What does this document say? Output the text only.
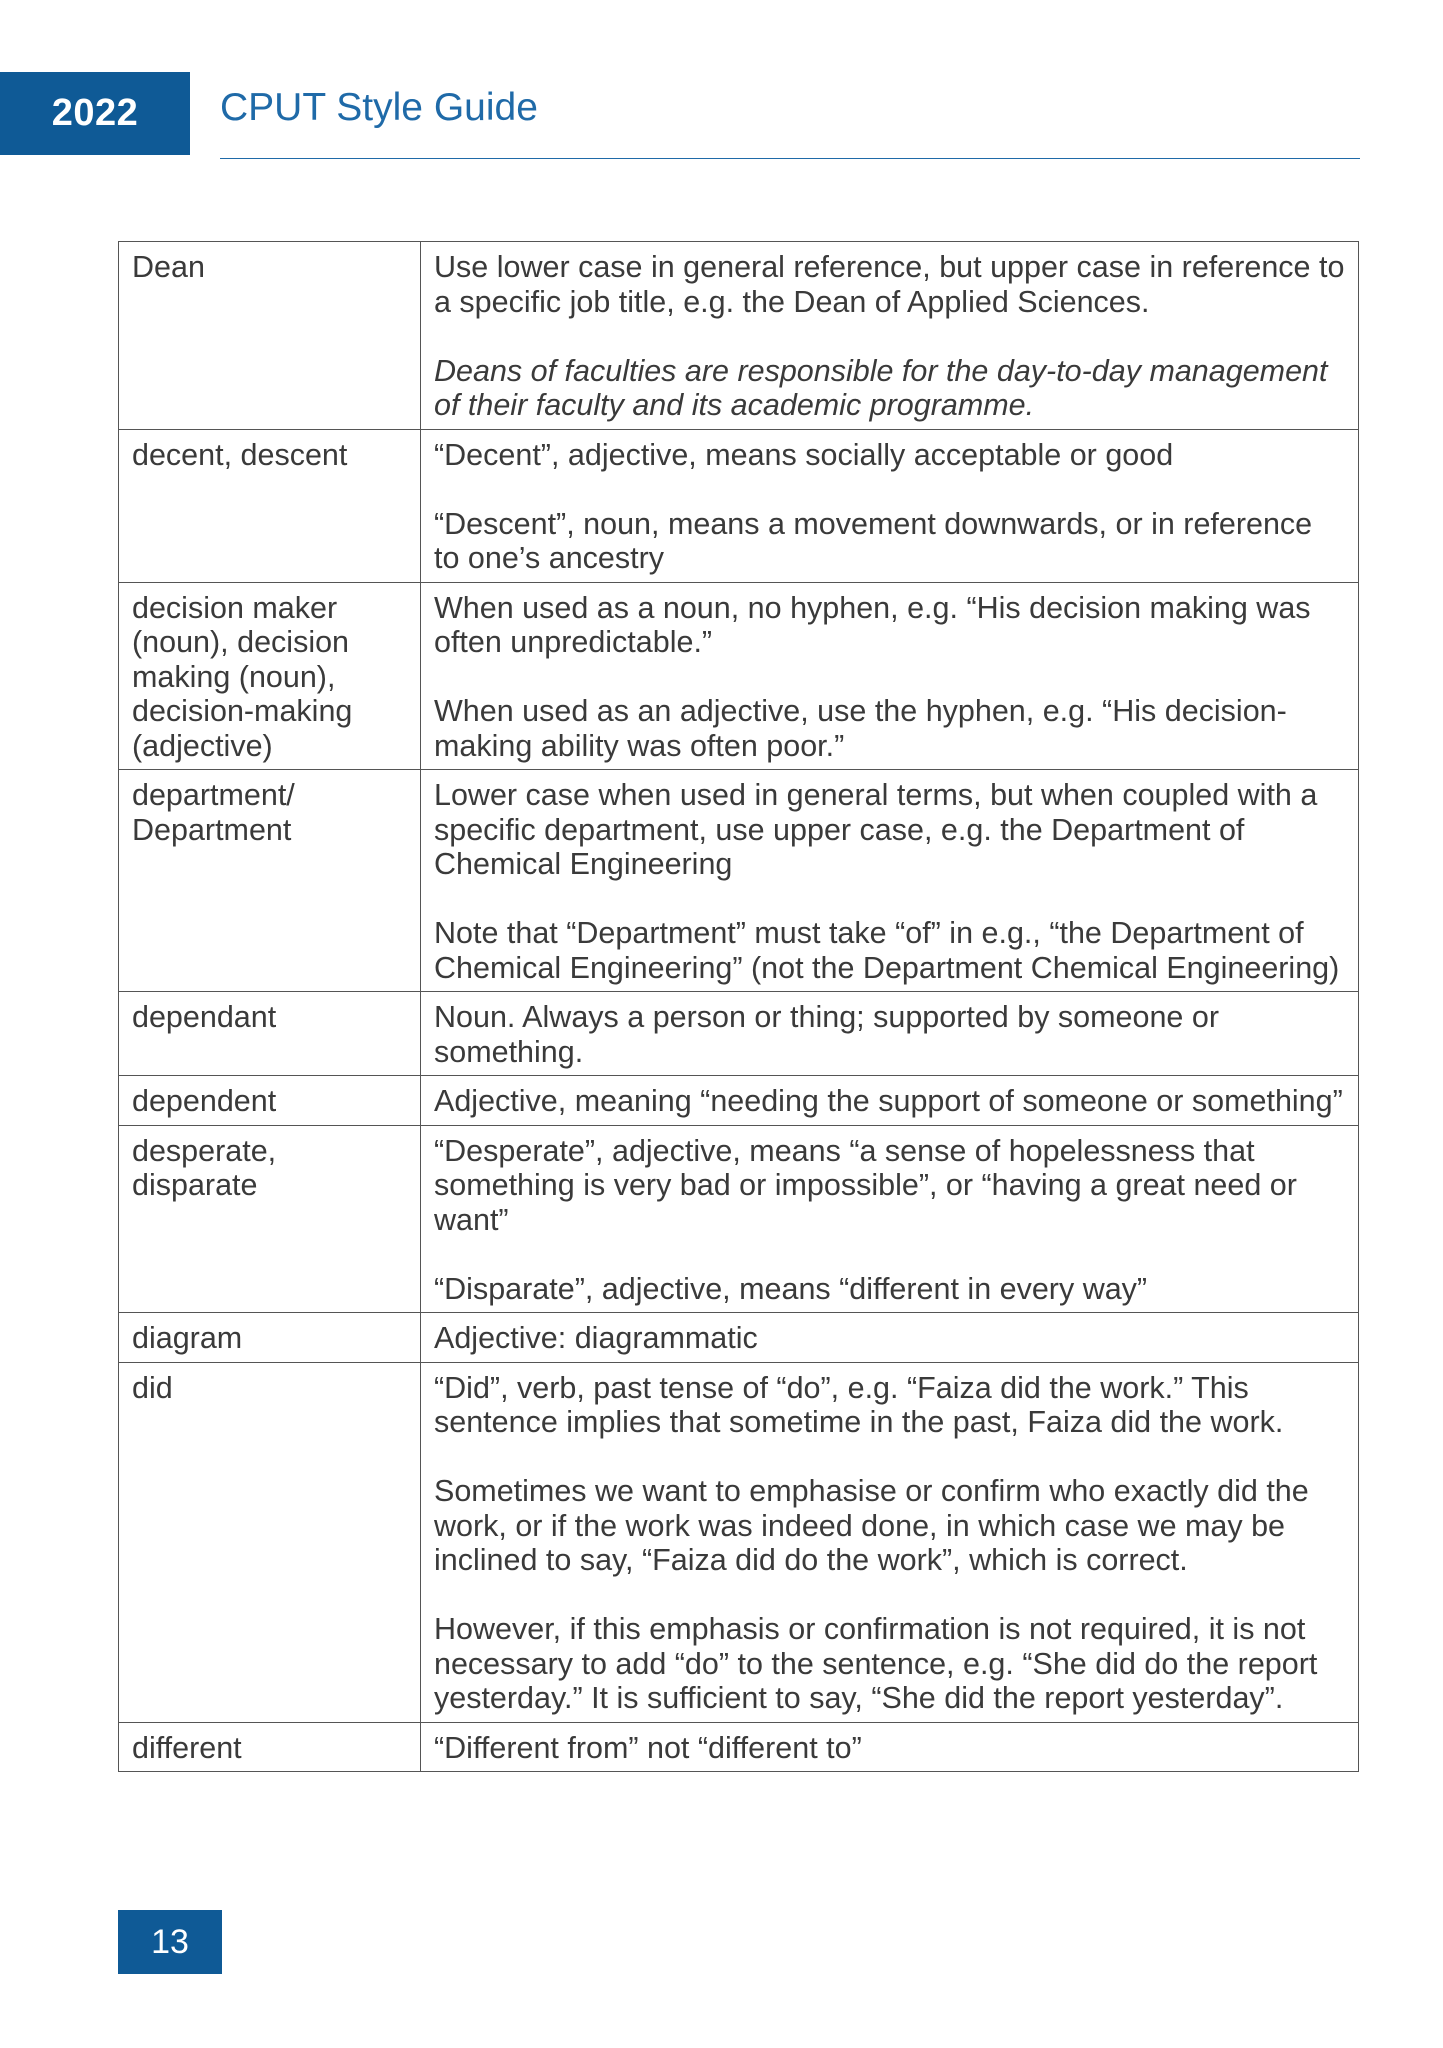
2022	CPUT Style Guide
Dean	Use lower case in general reference, but upper case in reference to a specific job title, e.g. the Dean of Applied Sciences.

Deans of faculties are responsible for the day-to-day management of their faculty and its academic programme.

decent, descent	“Decent”, adjective, means socially acceptable or good

“Descent”, noun, means a movement downwards, or in reference to one’s ancestry

decision maker (noun), decision making (noun), decision-making (adjective)	When used as a noun, no hyphen, e.g. “His decision making was often unpredictable.”

When used as an adjective, use the hyphen, e.g. “His decision-making ability was often poor.”

department/ Department	Lower case when used in general terms, but when coupled with a specific department, use upper case, e.g. the Department of Chemical Engineering

Note that “Department” must take “of” in e.g., “the Department of Chemical Engineering” (not the Department Chemical Engineering)

dependant	Noun. Always a person or thing; supported by someone or something.

dependent	Adjective, meaning “needing the support of someone or something”

desperate, disparate	“Desperate”, adjective, means “a sense of hopelessness that something is very bad or impossible”, or “having a great need or want”

“Disparate”, adjective, means “different in every way”

diagram	Adjective: diagrammatic

did	“Did”, verb, past tense of “do”, e.g. “Faiza did the work.” This sentence implies that sometime in the past, Faiza did the work.

Sometimes we want to emphasise or confirm who exactly did the work, or if the work was indeed done, in which case we may be inclined to say, “Faiza did do the work”, which is correct.

However, if this emphasis or confirmation is not required, it is not necessary to add “do” to the sentence, e.g. “She did do the report yesterday.” It is sufficient to say, “She did the report yesterday”.

different	“Different from” not “different to”

13
